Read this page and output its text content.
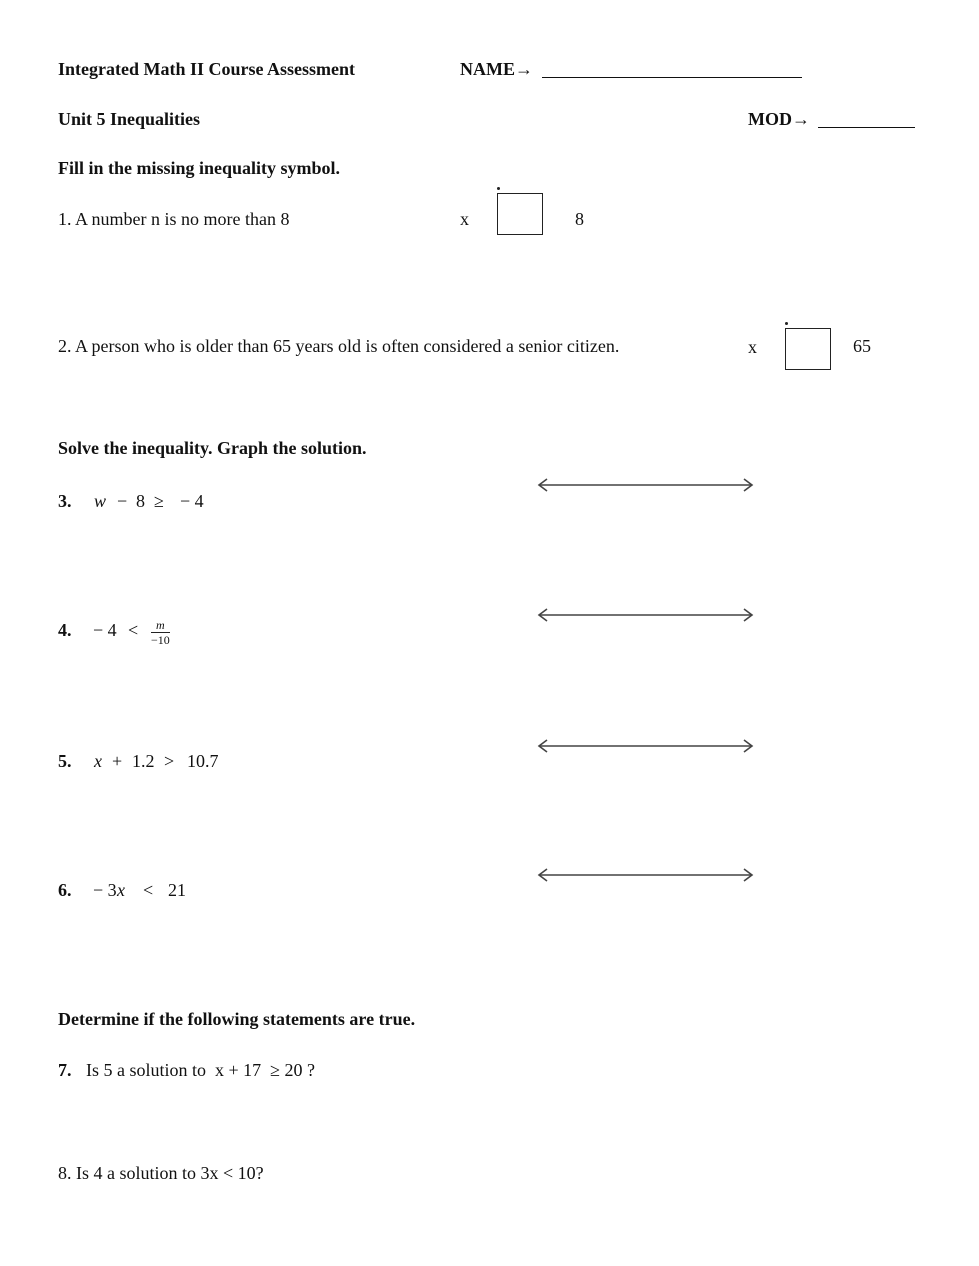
Integrated Math II Course Assessment	NAME→
Unit 5 Inequalities	MOD→
Fill in the missing inequality symbol.
1. A number n is no more than 8	x	8
2. A person who is older than 65 years old is often considered a senior citizen.	x	65
Solve the inequality. Graph the solution.
3. w − 8 ≥ − 4
4. − $4 < \frac{m}{-10}$
5. x + 1.2 > 10.7
6. − 3 x < 21
Determine if the following statements are true.
7. Is 5 a solution to  x + 17  ≥ 20 ?
8. Is 4 a solution to 3x < 10?
